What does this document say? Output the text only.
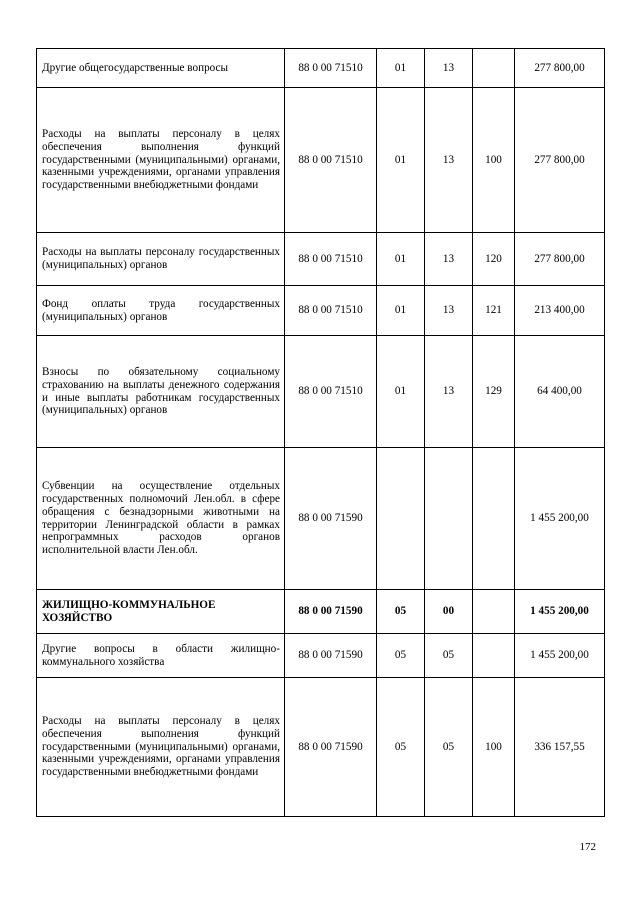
Другие общегосударственные вопросы	88 0 00 71510	01	13		277 800,00
Расходы на выплаты персоналу в целях обеспечения выполнения функций государственными (муниципальными) органами, казенными учреждениями, органами управления государственными внебюджетными фондами	88 0 00 71510	01	13	100	277 800,00
Расходы на выплаты персоналу государственных (муниципальных) органов	88 0 00 71510	01	13	120	277 800,00
Фонд оплаты труда государственных (муниципальных) органов	88 0 00 71510	01	13	121	213 400,00
Взносы по обязательному социальному страхованию на выплаты денежного содержания и иные выплаты работникам государственных (муниципальных) органов	88 0 00 71510	01	13	129	64 400,00
Субвенции на осуществление отдельных государственных полномочий Лен.обл. в сфере обращения с безнадзорными животными на территории Ленинградской области в рамках непрограммных расходов органов исполнительной власти Лен.обл.	88 0 00 71590				1 455 200,00
ЖИЛИЩНО-КОММУНАЛЬНОЕ ХОЗЯЙСТВО	88 0 00 71590	05	00		1 455 200,00
Другие вопросы в области жилищно-коммунального хозяйства	88 0 00 71590	05	05		1 455 200,00
Расходы на выплаты персоналу в целях обеспечения выполнения функций государственными (муниципальными) органами, казенными учреждениями, органами управления государственными внебюджетными фондами	88 0 00 71590	05	05	100	336 157,55
172
